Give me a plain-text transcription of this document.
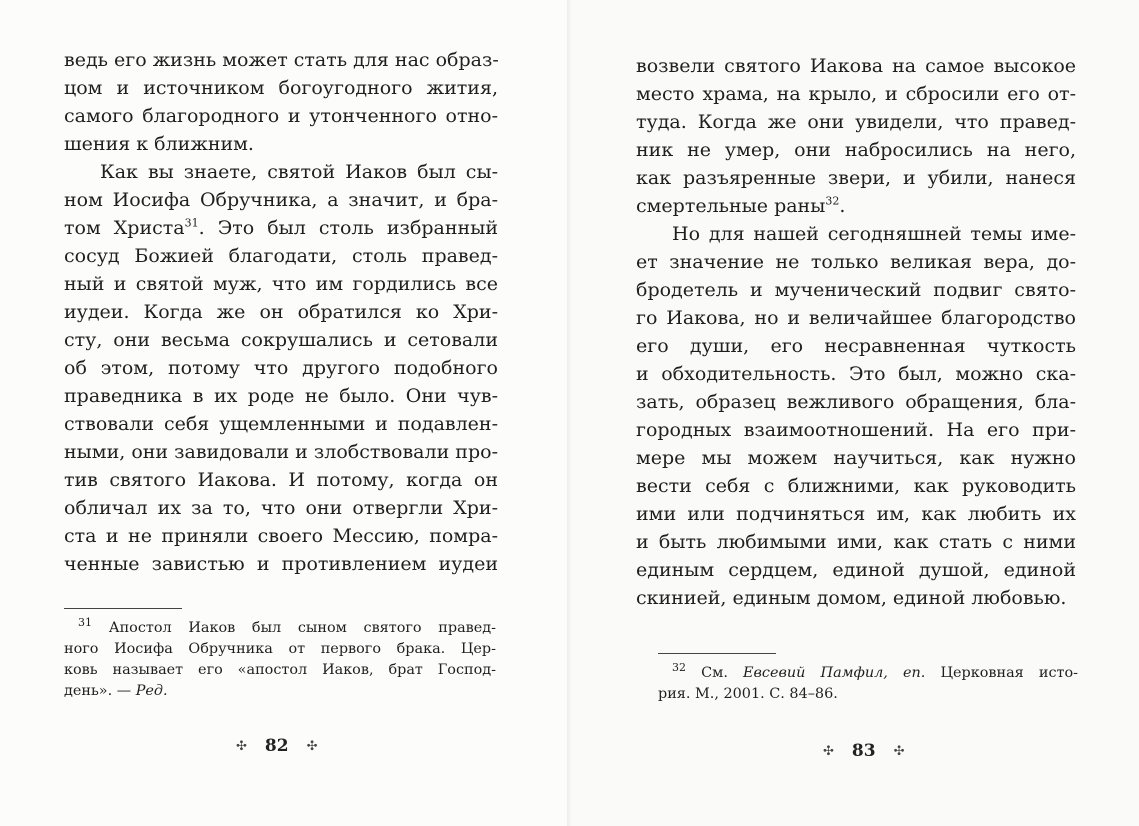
ведь его жизнь может стать для нас образ-
цом и источником богоугодного жития,
самого благородного и утонченного отно-
шения к ближним.
Как вы знаете, святой Иаков был сы-
ном Иосифа Обручника, а значит, и бра-
том Христа$^{31}$. Это был столь избранный
сосуд Божией благодати, столь правед-
ный и святой муж, что им гордились все
иудеи. Когда же он обратился ко Хри-
сту, они весьма сокрушались и сетовали
об этом, потому что другого подобного
праведника в их роде не было. Они чув-
ствовали себя ущемленными и подавлен-
ными, они завидовали и злобствовали про-
тив святого Иакова. И потому, когда он
обличал их за то, что они отвергли Хри-
ста и не приняли своего Мессию, помра-
ченные завистью и противлением иудеи
$^{31}$ Апостол Иаков был сыном святого правед-
ного Иосифа Обручника от первого брака. Цер-
ковь называет его «апостол Иаков, брат Господ-
день». — Ред.
✣ 82 ✣
возвели святого Иакова на самое высокое
место храма, на крыло, и сбросили его от-
туда. Когда же они увидели, что правед-
ник не умер, они набросились на него,
как разъяренные звери, и убили, нанеся
смертельные раны$^{32}$.
Но для нашей сегодняшней темы име-
ет значение не только великая вера, до-
бродетель и мученический подвиг свято-
го Иакова, но и величайшее благородство
его души, его несравненная чуткость
и обходительность. Это был, можно ска-
зать, образец вежливого обращения, бла-
городных взаимоотношений. На его при-
мере мы можем научиться, как нужно
вести себя с ближними, как руководить
ими или подчиняться им, как любить их
и быть любимыми ими, как стать с ними
единым сердцем, единой душой, единой
скинией, единым домом, единой любовью.
$^{32}$ См. Евсевий Памфил, еп. Церковная исто-
рия. М., 2001. С. 84–86.
✣ 83 ✣
